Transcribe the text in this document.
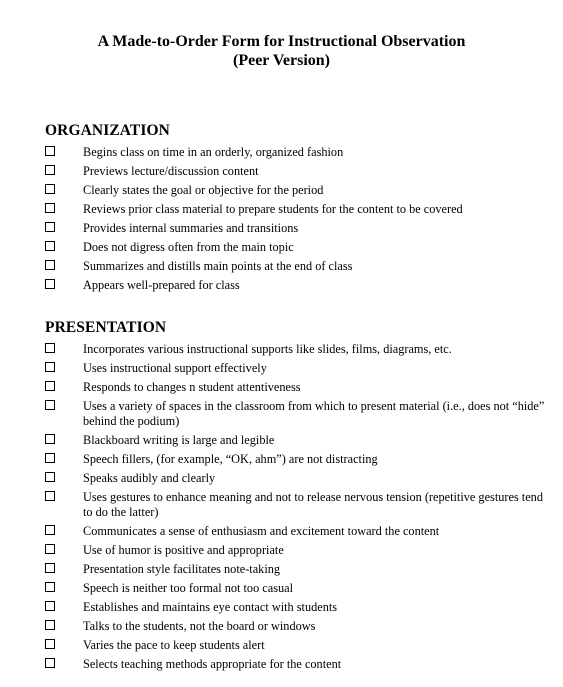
A Made-to-Order Form for Instructional Observation
(Peer Version)
ORGANIZATION
Begins class on time in an orderly, organized fashion
Previews lecture/discussion content
Clearly states the goal or objective for the period
Reviews prior class material to prepare students for the content to be covered
Provides internal summaries and transitions
Does not digress often from the main topic
Summarizes and distills main points at the end of class
Appears well-prepared for class
PRESENTATION
Incorporates various instructional supports like slides, films, diagrams, etc.
Uses instructional support effectively
Responds to changes n student attentiveness
Uses a variety of spaces in the classroom from which to present material (i.e., does not “hide” behind the podium)
Blackboard writing is large and legible
Speech fillers, (for example, “OK, ahm”) are not distracting
Speaks audibly and clearly
Uses gestures to enhance meaning and not to release nervous tension (repetitive gestures tend to do the latter)
Communicates a sense of enthusiasm and excitement toward the content
Use of humor is positive and appropriate
Presentation style facilitates note-taking
Speech is neither too formal not too casual
Establishes and maintains eye contact with students
Talks to the students, not the board or windows
Varies the pace to keep students alert
Selects teaching methods appropriate for the content
